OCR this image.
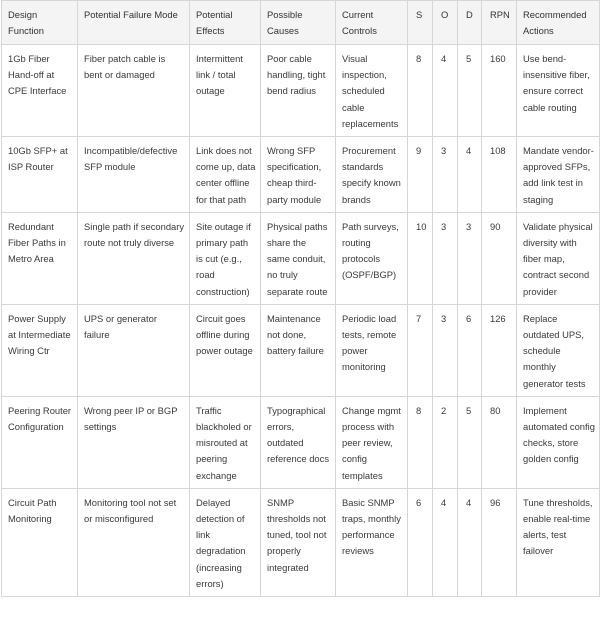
Design Function	Potential Failure Mode	Potential Effects	Possible Causes	Current Controls	S	O	D	RPN	Recommended Actions
1Gb Fiber Hand-off at CPE Interface	Fiber patch cable is bent or damaged	Intermittent link / total outage	Poor cable handling, tight bend radius	Visual inspection, scheduled cable replacements	8	4	5	160	Use bend-insensitive fiber, ensure correct cable routing
10Gb SFP+ at ISP Router	Incompatible/defective SFP module	Link does not come up, data center offline for that path	Wrong SFP specification, cheap third-party module	Procurement standards specify known brands	9	3	4	108	Mandate vendor-approved SFPs, add link test in staging
Redundant Fiber Paths in Metro Area	Single path if secondary route not truly diverse	Site outage if primary path is cut (e.g., road construction)	Physical paths share the same conduit, no truly separate route	Path surveys, routing protocols (OSPF/BGP)	10	3	3	90	Validate physical diversity with fiber map, contract second provider
Power Supply at Intermediate Wiring Ctr	UPS or generator failure	Circuit goes offline during power outage	Maintenance not done, battery failure	Periodic load tests, remote power monitoring	7	3	6	126	Replace outdated UPS, schedule monthly generator tests
Peering Router Configuration	Wrong peer IP or BGP settings	Traffic blackholed or misrouted at peering exchange	Typographical errors, outdated reference docs	Change mgmt process with peer review, config templates	8	2	5	80	Implement automated config checks, store golden config
Circuit Path Monitoring	Monitoring tool not set or misconfigured	Delayed detection of link degradation (increasing errors)	SNMP thresholds not tuned, tool not properly integrated	Basic SNMP traps, monthly performance reviews	6	4	4	96	Tune thresholds, enable real-time alerts, test failover
